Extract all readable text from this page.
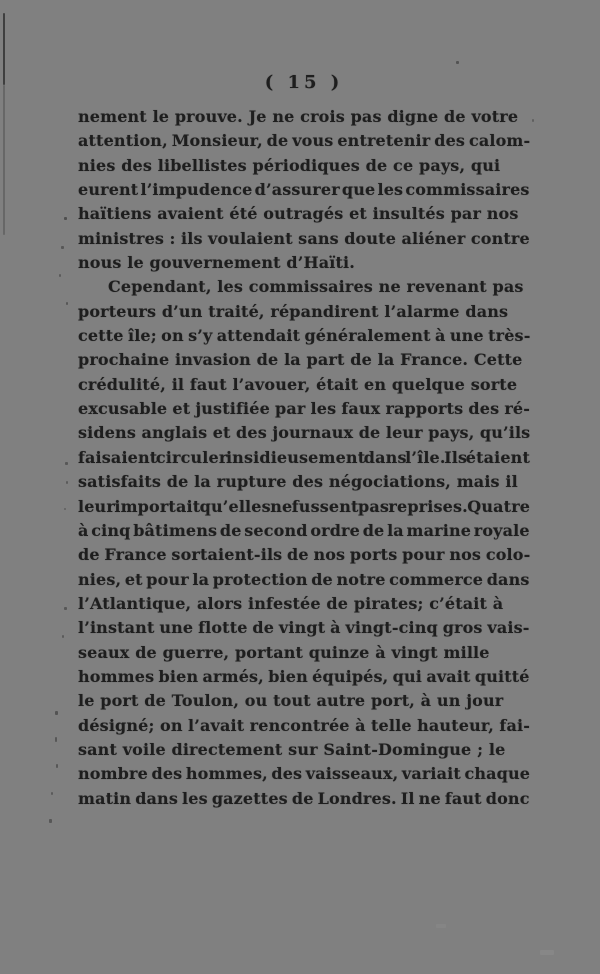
( 15 )
nement le prouve. Je ne crois pas digne de votre
attention, Monsieur, de vous entretenir des calom-
nies des libellistes périodiques de ce pays, qui
eurent l’impudence d’assurer que les commissaires
haïtiens avaient été outragés et insultés par nos
ministres : ils voulaient sans doute aliéner contre
nous le gouvernement d’Haïti.
Cependant, les commissaires ne revenant pas
porteurs d’un traité, répandirent l’alarme dans
cette île; on s’y attendait généralement à une très-
prochaine invasion de la part de la France. Cette
crédulité, il faut l’avouer, était en quelque sorte
excusable et justifiée par les faux rapports des ré-
sidens anglais et des journaux de leur pays, qu’ils
faisaient circuler insidieusement dans l’île. Ils étaient
satisfaits de la rupture des négociations, mais il
leur importait qu’elles ne fussent pas reprises. Quatre
à cinq bâtimens de second ordre de la marine royale
de France sortaient-ils de nos ports pour nos colo-
nies, et pour la protection de notre commerce dans
l’Atlantique, alors infestée de pirates; c’était à
l’instant une flotte de vingt à vingt-cinq gros vais-
seaux de guerre, portant quinze à vingt mille
hommes bien armés, bien équipés, qui avait quitté
le port de Toulon, ou tout autre port, à un jour
désigné; on l’avait rencontrée à telle hauteur, fai-
sant voile directement sur Saint-Domingue ; le
nombre des hommes, des vaisseaux, variait chaque
matin dans les gazettes de Londres. Il ne faut donc
